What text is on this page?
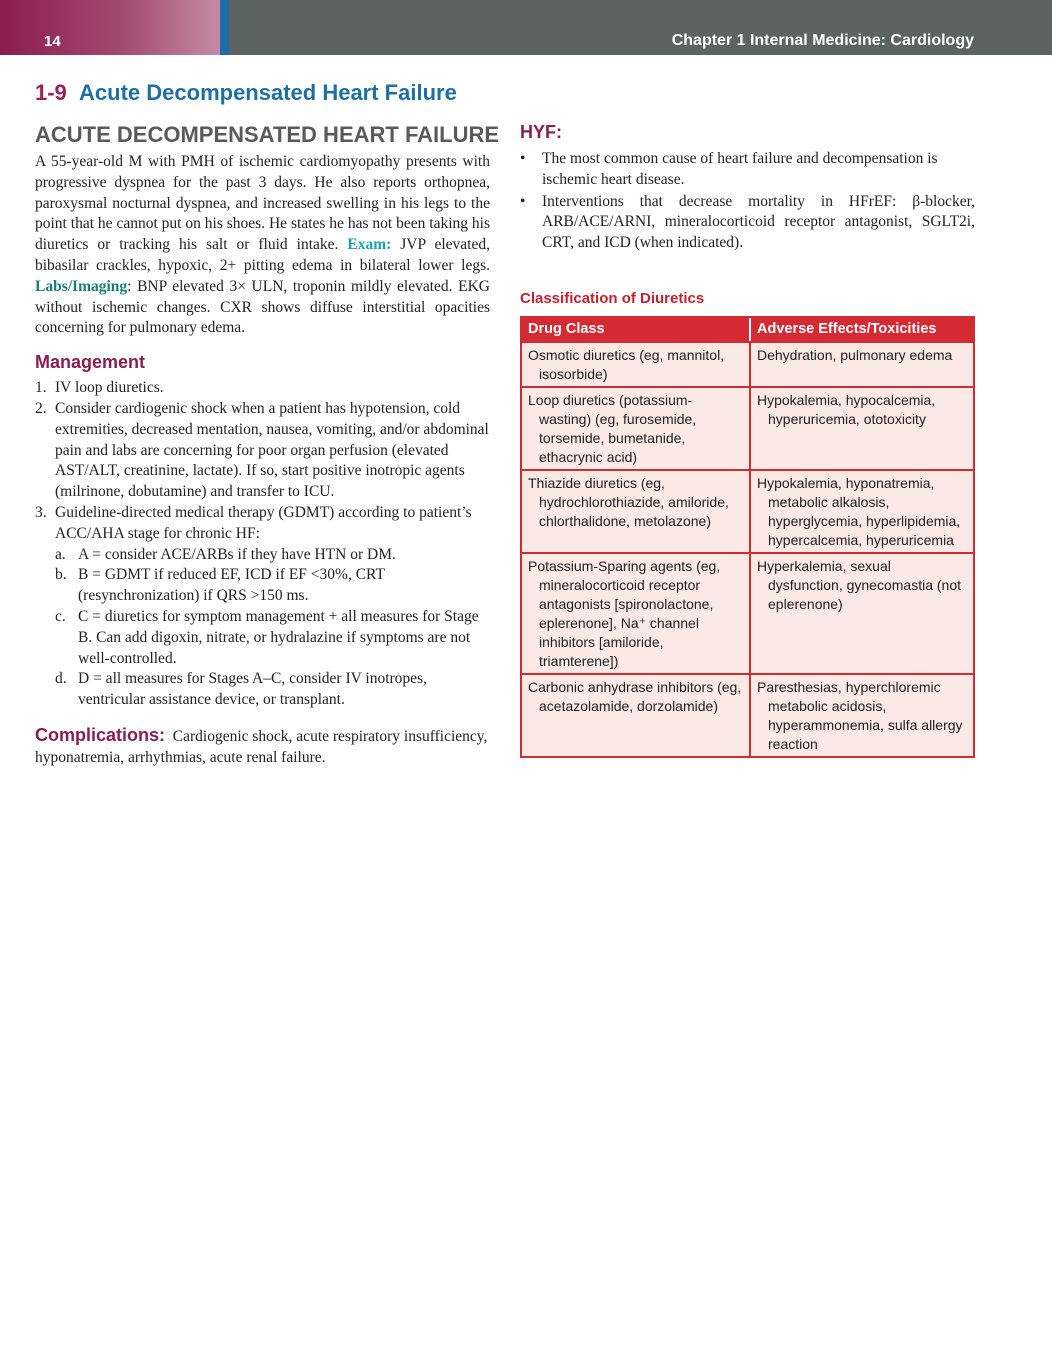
14	Chapter 1 Internal Medicine: Cardiology
1-9 Acute Decompensated Heart Failure
ACUTE DECOMPENSATED HEART FAILURE

A 55-year-old M with PMH of ischemic cardiomyopathy presents with progressive dyspnea for the past 3 days. He also reports orthopnea, paroxysmal nocturnal dyspnea, and increased swelling in his legs to the point that he cannot put on his shoes. He states he has not been taking his diuretics or tracking his salt or fluid intake. Exam: JVP elevated, bibasilar crackles, hypoxic, 2+ pitting edema in bilateral lower legs. Labs/Imaging: BNP elevated 3× ULN, troponin mildly elevated. EKG without ischemic changes. CXR shows diffuse interstitial opacities concerning for pulmonary edema.

Management
1. IV loop diuretics.
2. Consider cardiogenic shock when a patient has hypotension, cold extremities, decreased mentation, nausea, vomiting, and/or abdominal pain and labs are concerning for poor organ perfusion (elevated AST/ALT, creatinine, lactate). If so, start positive inotropic agents (milrinone, dobutamine) and transfer to ICU.
3. Guideline-directed medical therapy (GDMT) according to patient’s ACC/AHA stage for chronic HF:
a. A = consider ACE/ARBs if they have HTN or DM.
b. B = GDMT if reduced EF, ICD if EF <30%, CRT (resynchronization) if QRS >150 ms.
c. C = diuretics for symptom management + all measures for Stage B. Can add digoxin, nitrate, or hydralazine if symptoms are not well-controlled.
d. D = all measures for Stages A–C, consider IV inotropes, ventricular assistance device, or transplant.

Complications: Cardiogenic shock, acute respiratory insufficiency, hyponatremia, arrhythmias, acute renal failure.

HYF:
• The most common cause of heart failure and decompensation is ischemic heart disease.
• Interventions that decrease mortality in HFrEF: β-blocker, ARB/ACE/ARNI, mineralocorticoid receptor antagonist, SGLT2i, CRT, and ICD (when indicated).
Classification of Diuretics
Drug Class	Adverse Effects/Toxicities

Osmotic diuretics (eg, mannitol, isosorbide)	Dehydration, pulmonary edema

Loop diuretics (potassium-wasting) (eg, furosemide, torsemide, bumetanide, ethacrynic acid)	Hypokalemia, hypocalcemia, hyperuricemia, ototoxicity

Thiazide diuretics (eg, hydrochlorothiazide, amiloride, chlorthalidone, metolazone)	Hypokalemia, hyponatremia, metabolic alkalosis, hyperglycemia, hyperlipidemia, hypercalcemia, hyperuricemia

Potassium-Sparing agents (eg, mineralocorticoid receptor antagonists [spironolactone, eplerenone], Na⁺ channel inhibitors [amiloride, triamterene])	Hyperkalemia, sexual dysfunction, gynecomastia (not eplerenone)

Carbonic anhydrase inhibitors (eg, acetazolamide, dorzolamide)	Paresthesias, hyperchloremic metabolic acidosis, hyperammonemia, sulfa allergy reaction
